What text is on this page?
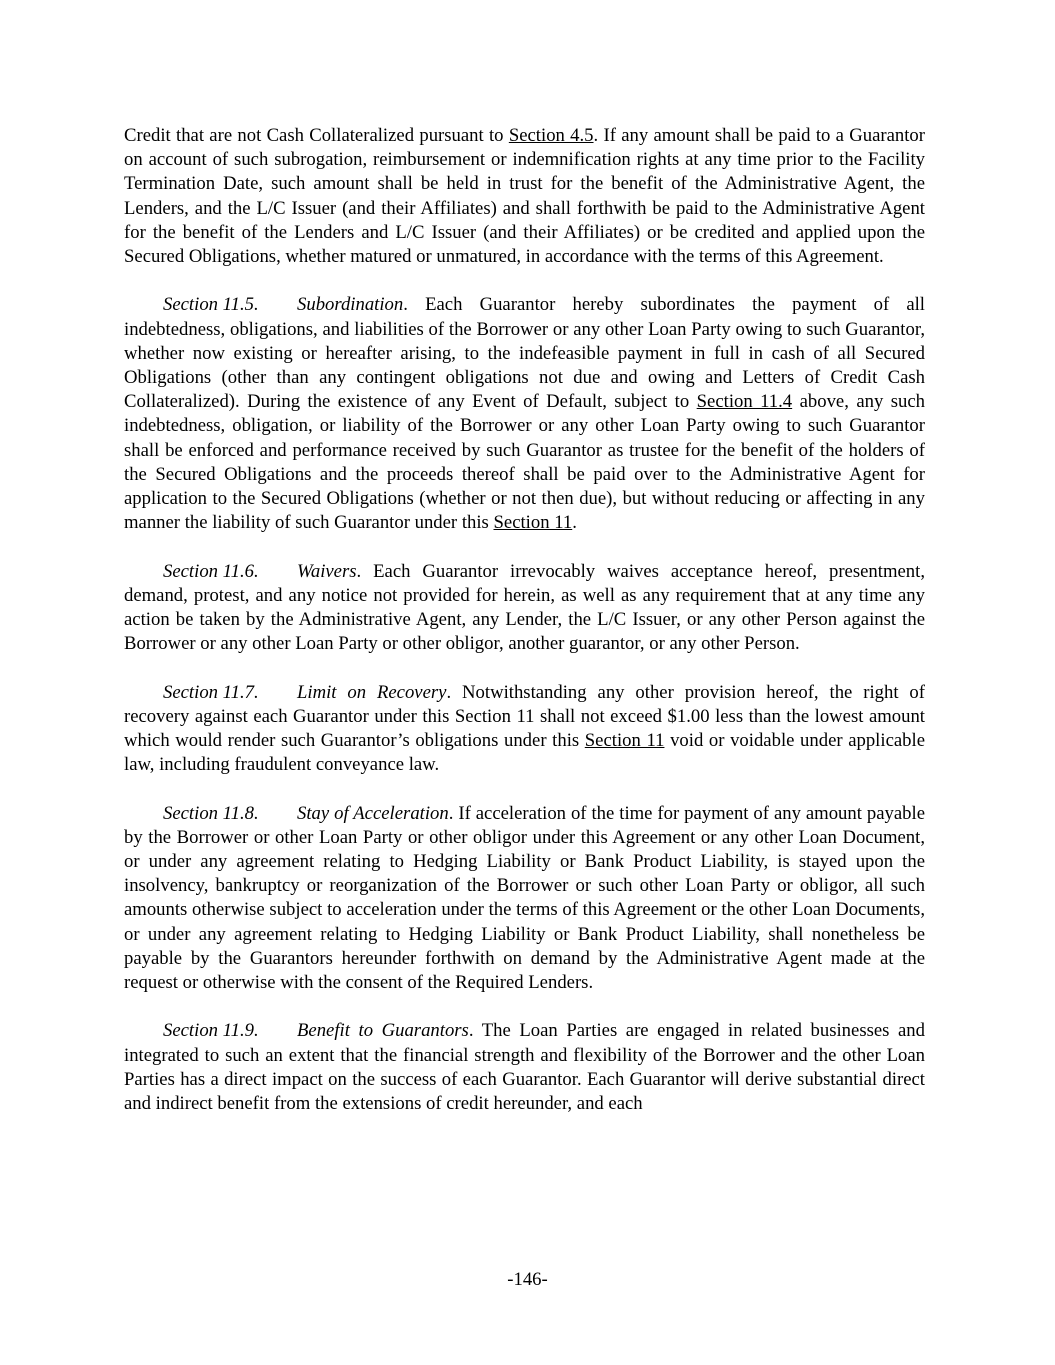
Credit that are not Cash Collateralized pursuant to Section 4.5. If any amount shall be paid to a Guarantor on account of such subrogation, reimbursement or indemnification rights at any time prior to the Facility Termination Date, such amount shall be held in trust for the benefit of the Administrative Agent, the Lenders, and the L/C Issuer (and their Affiliates) and shall forthwith be paid to the Administrative Agent for the benefit of the Lenders and L/C Issuer (and their Affiliates) or be credited and applied upon the Secured Obligations, whether matured or unmatured, in accordance with the terms of this Agreement.

Section 11.5. Subordination. Each Guarantor hereby subordinates the payment of all indebtedness, obligations, and liabilities of the Borrower or any other Loan Party owing to such Guarantor, whether now existing or hereafter arising, to the indefeasible payment in full in cash of all Secured Obligations (other than any contingent obligations not due and owing and Letters of Credit Cash Collateralized). During the existence of any Event of Default, subject to Section 11.4 above, any such indebtedness, obligation, or liability of the Borrower or any other Loan Party owing to such Guarantor shall be enforced and performance received by such Guarantor as trustee for the benefit of the holders of the Secured Obligations and the proceeds thereof shall be paid over to the Administrative Agent for application to the Secured Obligations (whether or not then due), but without reducing or affecting in any manner the liability of such Guarantor under this Section 11.

Section 11.6. Waivers. Each Guarantor irrevocably waives acceptance hereof, presentment, demand, protest, and any notice not provided for herein, as well as any requirement that at any time any action be taken by the Administrative Agent, any Lender, the L/C Issuer, or any other Person against the Borrower or any other Loan Party or other obligor, another guarantor, or any other Person.

Section 11.7. Limit on Recovery. Notwithstanding any other provision hereof, the right of recovery against each Guarantor under this Section 11 shall not exceed $1.00 less than the lowest amount which would render such Guarantor’s obligations under this Section 11 void or voidable under applicable law, including fraudulent conveyance law.

Section 11.8. Stay of Acceleration. If acceleration of the time for payment of any amount payable by the Borrower or other Loan Party or other obligor under this Agreement or any other Loan Document, or under any agreement relating to Hedging Liability or Bank Product Liability, is stayed upon the insolvency, bankruptcy or reorganization of the Borrower or such other Loan Party or obligor, all such amounts otherwise subject to acceleration under the terms of this Agreement or the other Loan Documents, or under any agreement relating to Hedging Liability or Bank Product Liability, shall nonetheless be payable by the Guarantors hereunder forthwith on demand by the Administrative Agent made at the request or otherwise with the consent of the Required Lenders.

Section 11.9. Benefit to Guarantors. The Loan Parties are engaged in related businesses and integrated to such an extent that the financial strength and flexibility of the Borrower and the other Loan Parties has a direct impact on the success of each Guarantor. Each Guarantor will derive substantial direct and indirect benefit from the extensions of credit hereunder, and each

-146-
